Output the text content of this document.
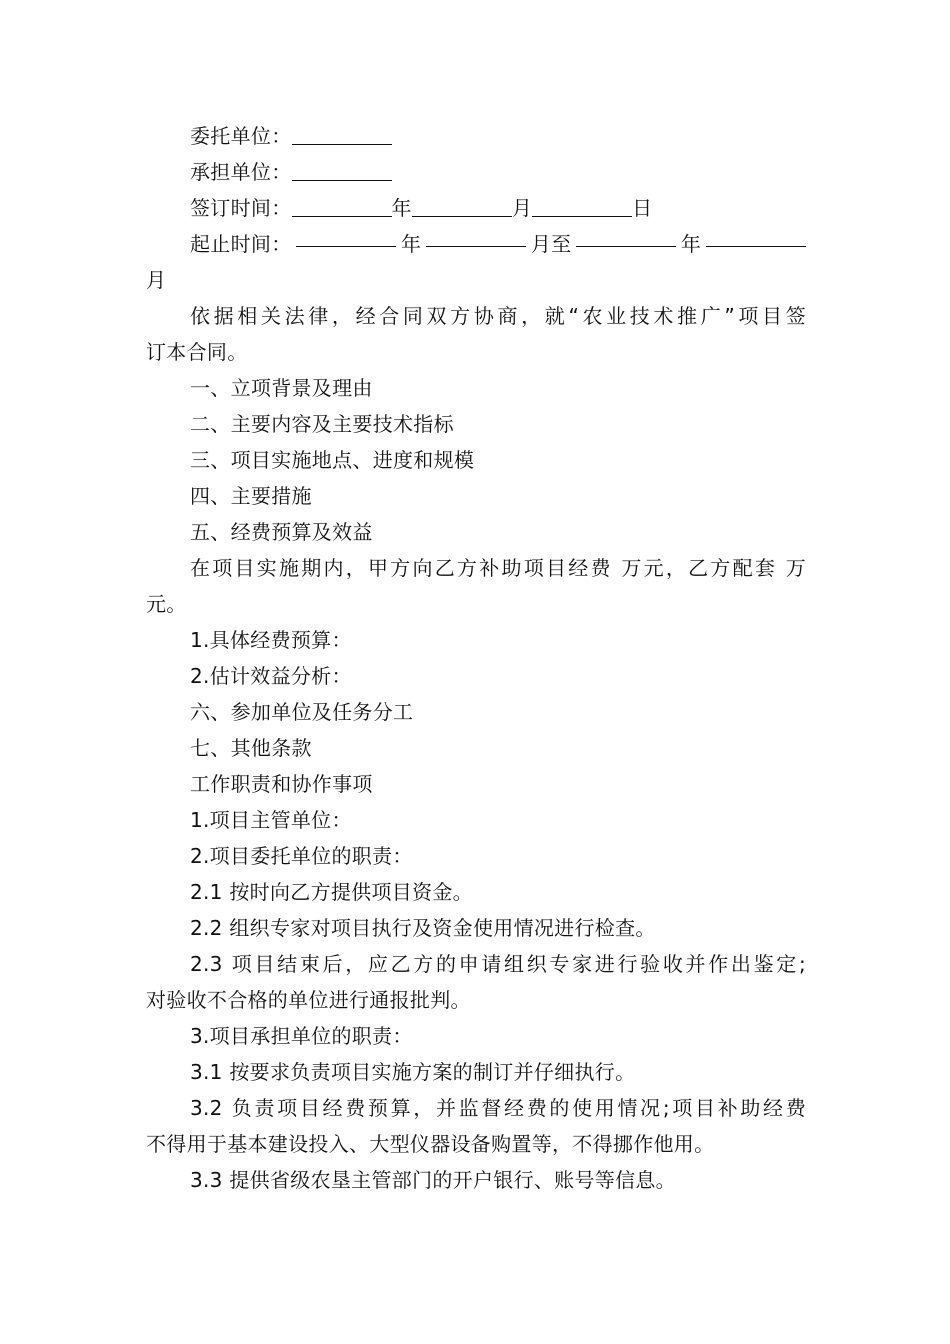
委托单位：

承担单位：

签订时间：	年	月	日

起止时间：	年	月至	年

月

依据相关法律，经合同双方协商，就“农业技术推广”项目签

订本合同。

一、立项背景及理由

二、主要内容及主要技术指标

三、项目实施地点、进度和规模

四、主要措施

五、经费预算及效益

在项目实施期内，甲方向乙方补助项目经费 万元，乙方配套 万

元。

1.具体经费预算：

2.估计效益分析：

六、参加单位及任务分工

七、其他条款

工作职责和协作事项

1.项目主管单位：

2.项目委托单位的职责：

2.1 按时向乙方提供项目资金。

2.2 组织专家对项目执行及资金使用情况进行检查。

2.3 项目结束后，应乙方的申请组织专家进行验收并作出鉴定;

对验收不合格的单位进行通报批判。

3.项目承担单位的职责：

3.1 按要求负责项目实施方案的制订并仔细执行。

3.2 负责项目经费预算，并监督经费的使用情况;项目补助经费

不得用于基本建设投入、大型仪器设备购置等，不得挪作他用。

3.3 提供省级农垦主管部门的开户银行、账号等信息。
